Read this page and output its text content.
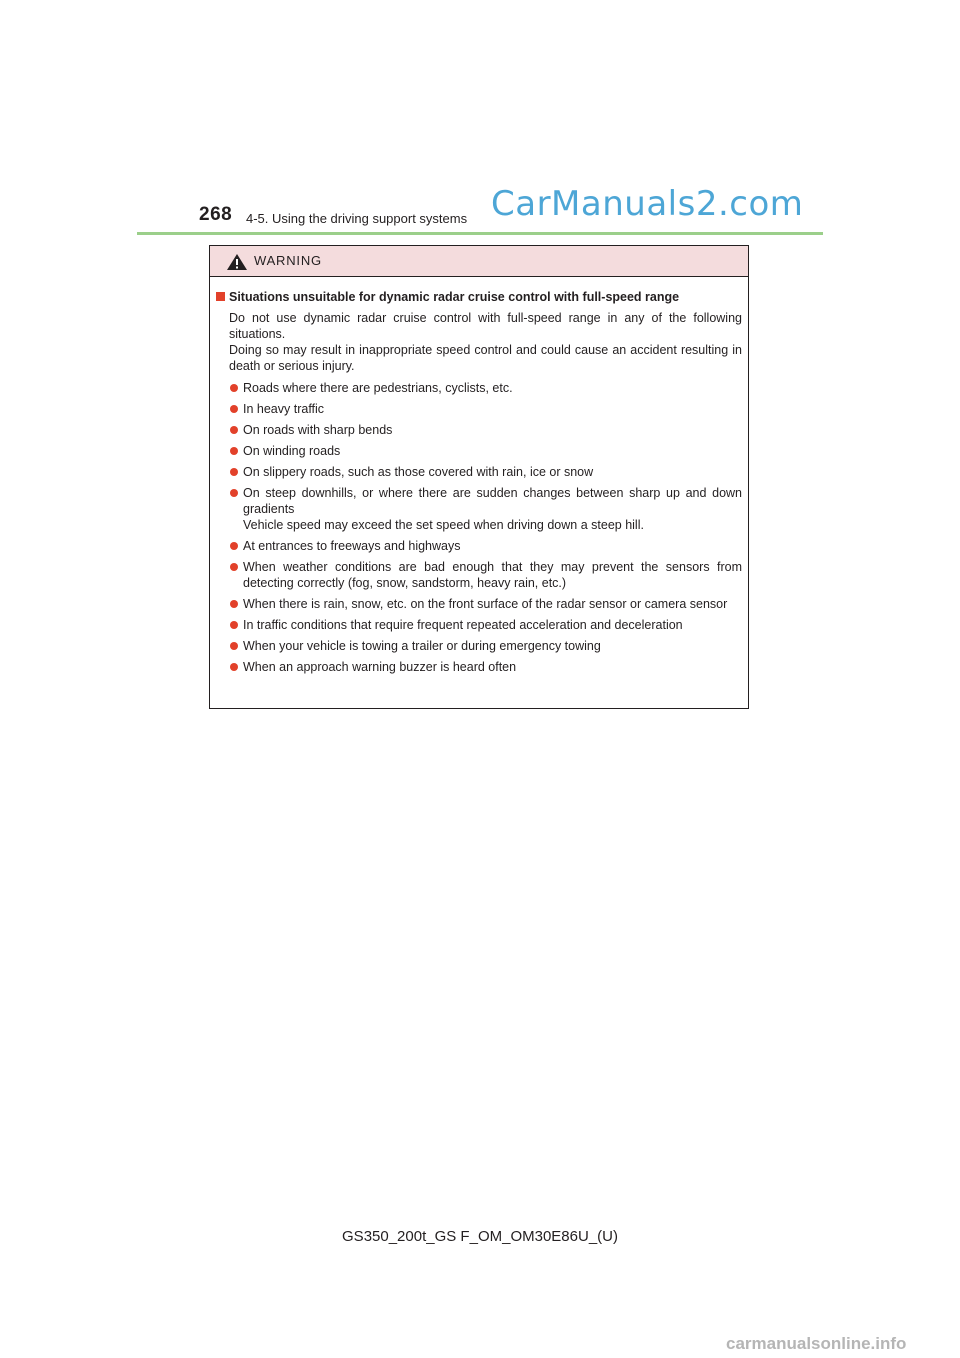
268 4-5. Using the driving support systems CarManuals2.com
WARNING
Situations unsuitable for dynamic radar cruise control with full-speed range

Do not use dynamic radar cruise control with full-speed range in any of the following situations.

Doing so may result in inappropriate speed control and could cause an accident resulting in death or serious injury.

Roads where there are pedestrians, cyclists, etc.
In heavy traffic
On roads with sharp bends
On winding roads
On slippery roads, such as those covered with rain, ice or snow
On steep downhills, or where there are sudden changes between sharp up and down gradients
Vehicle speed may exceed the set speed when driving down a steep hill.
At entrances to freeways and highways
When weather conditions are bad enough that they may prevent the sensors from detecting correctly (fog, snow, sandstorm, heavy rain, etc.)
When there is rain, snow, etc. on the front surface of the radar sensor or camera sensor
In traffic conditions that require frequent repeated acceleration and deceleration
When your vehicle is towing a trailer or during emergency towing
When an approach warning buzzer is heard often
GS350_200t_GS F_OM_OM30E86U_(U)
carmanualsonline.info
